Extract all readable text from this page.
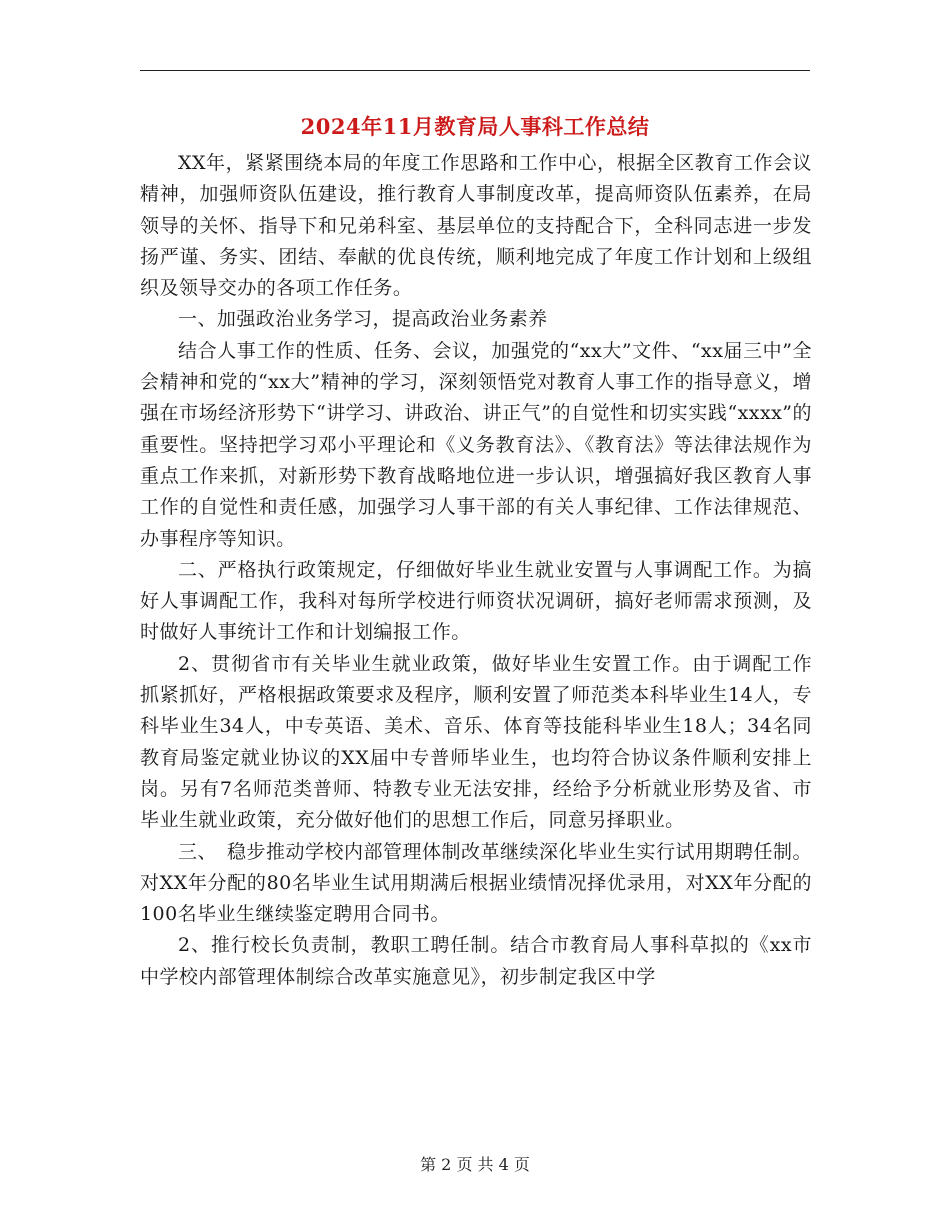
2024年11月教育局人事科工作总结

XX年，紧紧围绕本局的年度工作思路和工作中心，根据全区教育工作会议精神，加强师资队伍建设，推行教育人事制度改革，提高师资队伍素养，在局领导的关怀、指导下和兄弟科室、基层单位的支持配合下，全科同志进一步发扬严谨、务实、团结、奉献的优良传统，顺利地完成了年度工作计划和上级组织及领导交办的各项工作任务。

一、加强政治业务学习，提高政治业务素养

结合人事工作的性质、任务、会议，加强党的“xx大”文件、“xx届三中”全会精神和党的“xx大”精神的学习，深刻领悟党对教育人事工作的指导意义，增强在市场经济形势下“讲学习、讲政治、讲正气”的自觉性和切实实践“xxxx”的重要性。坚持把学习邓小平理论和《义务教育法》、《教育法》等法律法规作为重点工作来抓，对新形势下教育战略地位进一步认识，增强搞好我区教育人事工作的自觉性和责任感，加强学习人事干部的有关人事纪律、工作法律规范、办事程序等知识。

二、严格执行政策规定，仔细做好毕业生就业安置与人事调配工作。为搞好人事调配工作，我科对每所学校进行师资状况调研，搞好老师需求预测，及时做好人事统计工作和计划编报工作。

2、贯彻省市有关毕业生就业政策，做好毕业生安置工作。由于调配工作抓紧抓好，严格根据政策要求及程序，顺利安置了师范类本科毕业生14人，专科毕业生34人，中专英语、美术、音乐、体育等技能科毕业生18人；34名同教育局鉴定就业协议的XX届中专普师毕业生，也均符合协议条件顺利安排上岗。另有7名师范类普师、特教专业无法安排，经给予分析就业形势及省、市毕业生就业政策，充分做好他们的思想工作后，同意另择职业。

三、　稳步推动学校内部管理体制改革继续深化毕业生实行试用期聘任制。对XX年分配的80名毕业生试用期满后根据业绩情况择优录用，对XX年分配的100名毕业生继续鉴定聘用合同书。

2、推行校长负责制，教职工聘任制。结合市教育局人事科草拟的《xx市中学校内部管理体制综合改革实施意见》，初步制定我区中学

第 2 页 共 4 页
